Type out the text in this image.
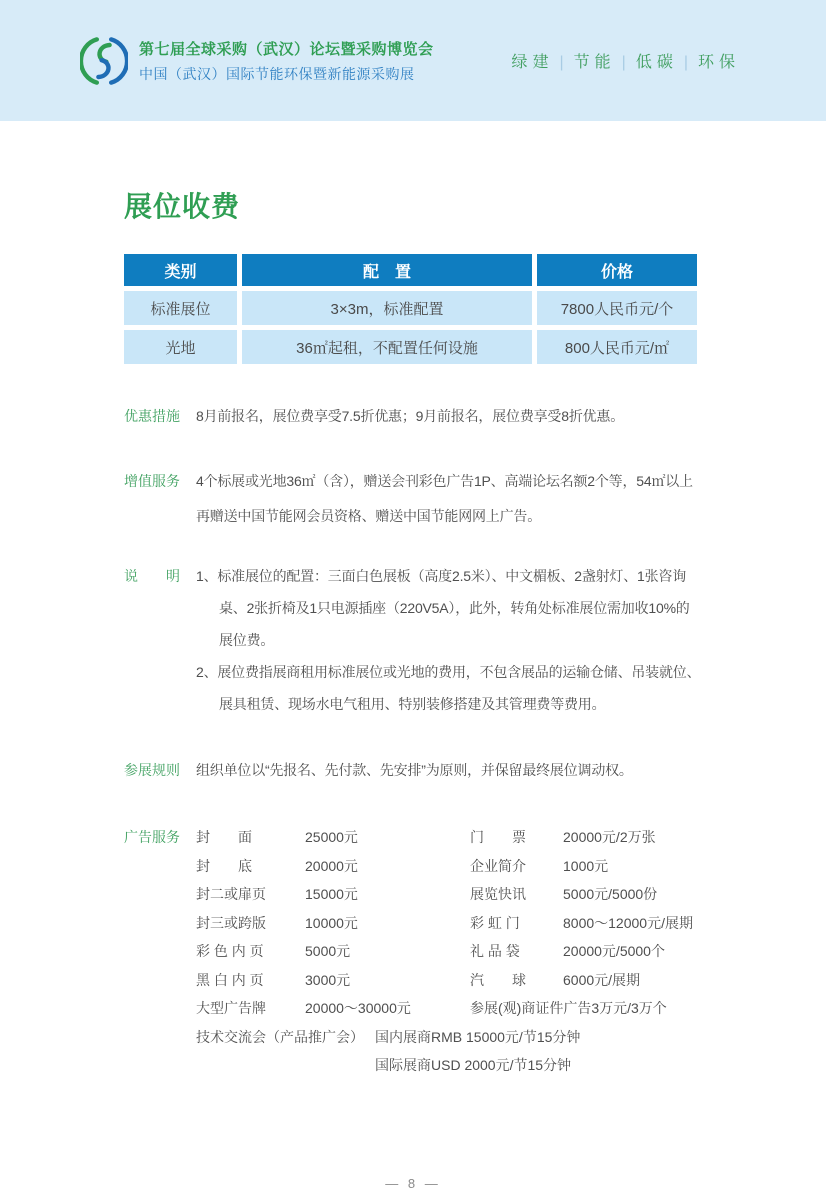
第七届全球采购（武汉）论坛暨采购博览会
中国（武汉）国际节能环保暨新能源采购展
绿建 |	节能 |	低碳 |	环保
展位收费
类别	配　置	价格
标准展位	3×3m，标准配置	7800人民币元/个
光地	36㎡起租，不配置任何设施	800人民币元/㎡
优惠措施	8月前报名，展位费享受7.5折优惠；9月前报名，展位费享受8折优惠。

增值服务	4个标展或光地36㎡（含），赠送会刊彩色广告1P、高端论坛名额2个等，54㎡以上再赠送中国节能网会员资格、赠送中国节能网网上广告。

说　　明	1、标准展位的配置：三面白色展板（高度2.5米）、中文楣板、2盏射灯、1张咨询桌、2张折椅及1只电源插座（220V5A），此外，转角处标准展位需加收10%的展位费。

2、展位费指展商租用标准展位或光地的费用，不包含展品的运输仓储、吊装就位、展具租赁、现场水电气租用、特别装修搭建及其管理费等费用。

参展规则	组织单位以“先报名、先付款、先安排”为原则，并保留最终展位调动权。

广告服务	封　　面	25000元	门　　票	20000元/2万张
封　　底	20000元	企业简介	1000元
封二或扉页	15000元	展览快讯	5000元/5000份
封三或跨版	10000元	彩 虹 门	8000～12000元/展期
彩 色 内 页	5000元	礼 品 袋	20000元/5000个
黑 白 内 页	3000元	汽　　球	6000元/展期
大型广告牌	20000～30000元	参展(观)商证件广告 3万元/3万个
技术交流会（产品推广会） 国内展商RMB 15000元/节15分钟
国际展商USD 2000元/节15分钟
— 8 —
